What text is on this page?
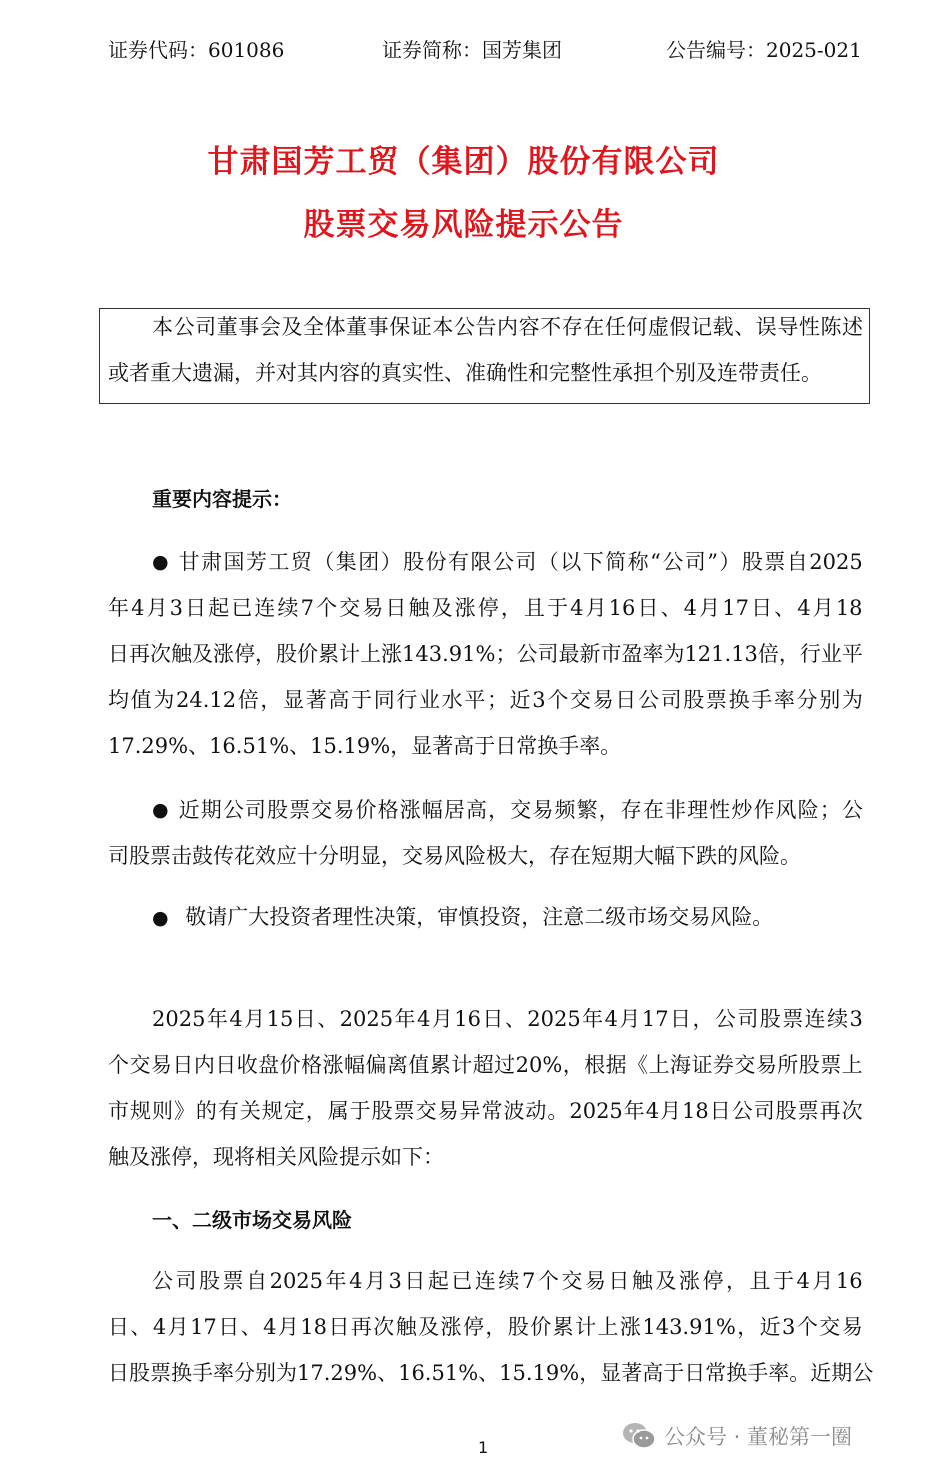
证券代码：601086	证券简称：国芳集团	公告编号：2025-021
甘肃国芳工贸（集团）股份有限公司
股票交易风险提示公告
本 公 司 董 事 会 及 全 体 董 事 保 证 本 公 告 内 容 不 存 在 任 何 虚 假 记 载 、 误 导 性 陈 述
或者重大遗漏，并对其内容的真实性、准确性和完整性承担个别及连带责任。
重要内容提示：
● 甘 肃 国 芳 工 贸 （ 集 团 ） 股 份 有 限 公 司 （ 以 下 简 称 “ 公 司 ” ） 股 票 自 2025
年 4 月 3 日 起 已 连 续 7 个 交 易 日 触 及 涨 停 ， 且 于 4 月 16 日 、 4 月 17 日 、 4 月 18
日 再 次 触 及 涨 停 ， 股 价 累 计 上 涨 143.91% ； 公 司 最 新 市 盈 率 为 121.13 倍 ， 行 业 平
均 值 为 24.12 倍 ， 显 著 高 于 同 行 业 水 平 ； 近 3 个 交 易 日 公 司 股 票 换 手 率 分 别 为
17.29%、16.51%、15.19%，显著高于日常换手率。
● 近 期 公 司 股 票 交 易 价 格 涨 幅 居 高 ， 交 易 频 繁 ， 存 在 非 理 性 炒 作 风 险 ； 公
司股票击鼓传花效应十分明显，交易风险极大，存在短期大幅下跌的风险。
● 敬请广大投资者理性决策，审慎投资，注意二级市场交易风险。
2025 年 4 月 15 日 、 2025 年 4 月 16 日 、 2025 年 4 月 17 日 ， 公 司 股 票 连 续 3
个 交 易 日 内 日 收 盘 价 格 涨 幅 偏 离 值 累 计 超 过 20% ， 根 据 《 上 海 证 券 交 易 所 股 票 上
市 规 则 》 的 有 关 规 定 ， 属 于 股 票 交 易 异 常 波 动 。 2025 年 4 月 18 日 公 司 股 票 再 次
触及涨停，现将相关风险提示如下：
一、二级市场交易风险
公 司 股 票 自 2025 年 4 月 3 日 起 已 连 续 7 个 交 易 日 触 及 涨 停 ， 且 于 4 月 16
日 、 4 月 17 日 、 4 月 18 日 再 次 触 及 涨 停 ， 股 价 累 计 上 涨 143.91% ， 近 3 个 交 易
日 股 票 换 手 率 分 别 为 17.29% 、 16.51% 、 15.19% ， 显 著 高 于 日 常 换 手 率 。 近 期 公
1	公众号 · 董秘第一圈
